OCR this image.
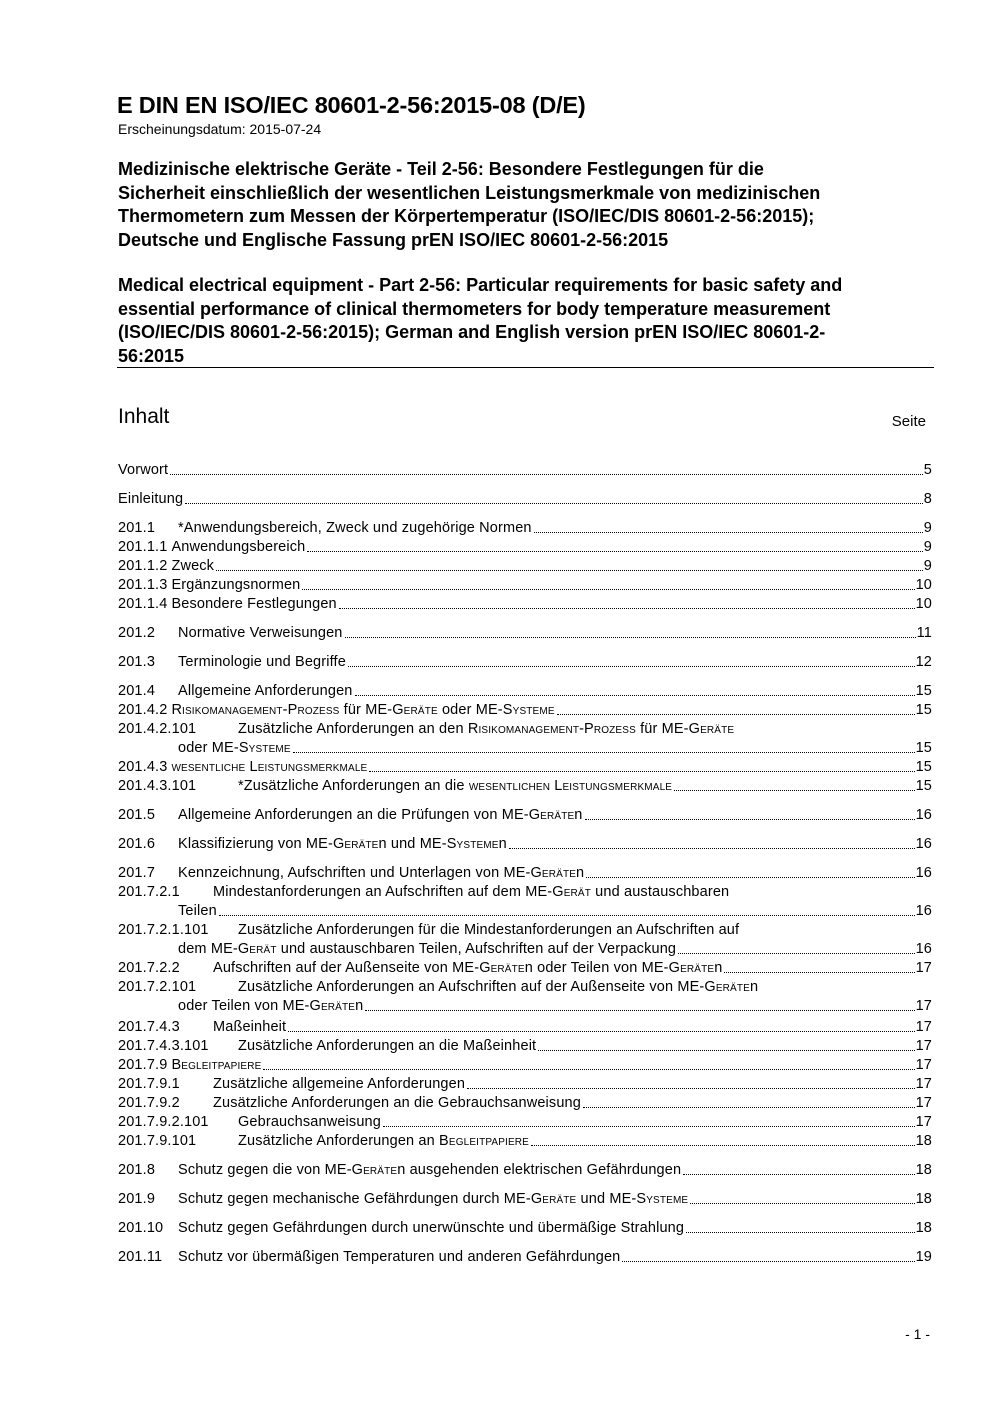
E DIN EN ISO/IEC 80601-2-56:2015-08 (D/E)
Erscheinungsdatum: 2015-07-24
Medizinische elektrische Geräte - Teil 2-56: Besondere Festlegungen für die
Sicherheit einschließlich der wesentlichen Leistungsmerkmale von medizinischen
Thermometern zum Messen der Körpertemperatur (ISO/IEC/DIS 80601-2-56:2015);
Deutsche und Englische Fassung prEN ISO/IEC 80601-2-56:2015
Medical electrical equipment - Part 2-56: Particular requirements for basic safety and
essential performance of clinical thermometers for body temperature measurement
(ISO/IEC/DIS 80601-2-56:2015); German and English version prEN ISO/IEC 80601-2-
56:2015
Inhalt	Seite
Vorwort	5
Einleitung	8
201.1	*Anwendungsbereich, Zweck und zugehörige Normen	9
201.1.1 Anwendungsbereich	9
201.1.2 Zweck	9
201.1.3 Ergänzungsnormen	10
201.1.4 Besondere Festlegungen	10
201.2	Normative Verweisungen	11
201.3	Terminologie und Begriffe	12
201.4	Allgemeine Anforderungen	15
201.4.2 Risikomanagement-Prozess für ME-Geräte oder ME-Systeme	15
201.4.2.101	Zusätzliche Anforderungen an den Risikomanagement-Prozess für ME-Geräte
oder ME-Systeme	15
201.4.3 wesentliche Leistungsmerkmale	15
201.4.3.101	*Zusätzliche Anforderungen an die wesentlichen Leistungsmerkmale	15
201.5	Allgemeine Anforderungen an die Prüfungen von ME-Geräten	16
201.6	Klassifizierung von ME-Geräten und ME-Systemen	16
201.7	Kennzeichnung, Aufschriften und Unterlagen von ME-Geräten	16
201.7.2.1	Mindestanforderungen an Aufschriften auf dem ME-Gerät und austauschbaren
Teilen	16
201.7.2.1.101	Zusätzliche Anforderungen für die Mindestanforderungen an Aufschriften auf
dem ME-Gerät und austauschbaren Teilen, Aufschriften auf der Verpackung	16
201.7.2.2	Aufschriften auf der Außenseite von ME-Geräten oder Teilen von ME-Geräten	17
201.7.2.101	Zusätzliche Anforderungen an Aufschriften auf der Außenseite von ME-Geräten
oder Teilen von ME-Geräten	17
201.7.4.3	Maßeinheit	17
201.7.4.3.101	Zusätzliche Anforderungen an die Maßeinheit	17
201.7.9 Begleitpapiere	17
201.7.9.1	Zusätzliche allgemeine Anforderungen	17
201.7.9.2	Zusätzliche Anforderungen an die Gebrauchsanweisung	17
201.7.9.2.101	Gebrauchsanweisung	17
201.7.9.101	Zusätzliche Anforderungen an Begleitpapiere	18
201.8	Schutz gegen die von ME-Geräten ausgehenden elektrischen Gefährdungen	18
201.9	Schutz gegen mechanische Gefährdungen durch ME-Geräte und ME-Systeme	18
201.10	Schutz gegen Gefährdungen durch unerwünschte und übermäßige Strahlung	18
201.11	Schutz vor übermäßigen Temperaturen und anderen Gefährdungen	19
- 1 -
